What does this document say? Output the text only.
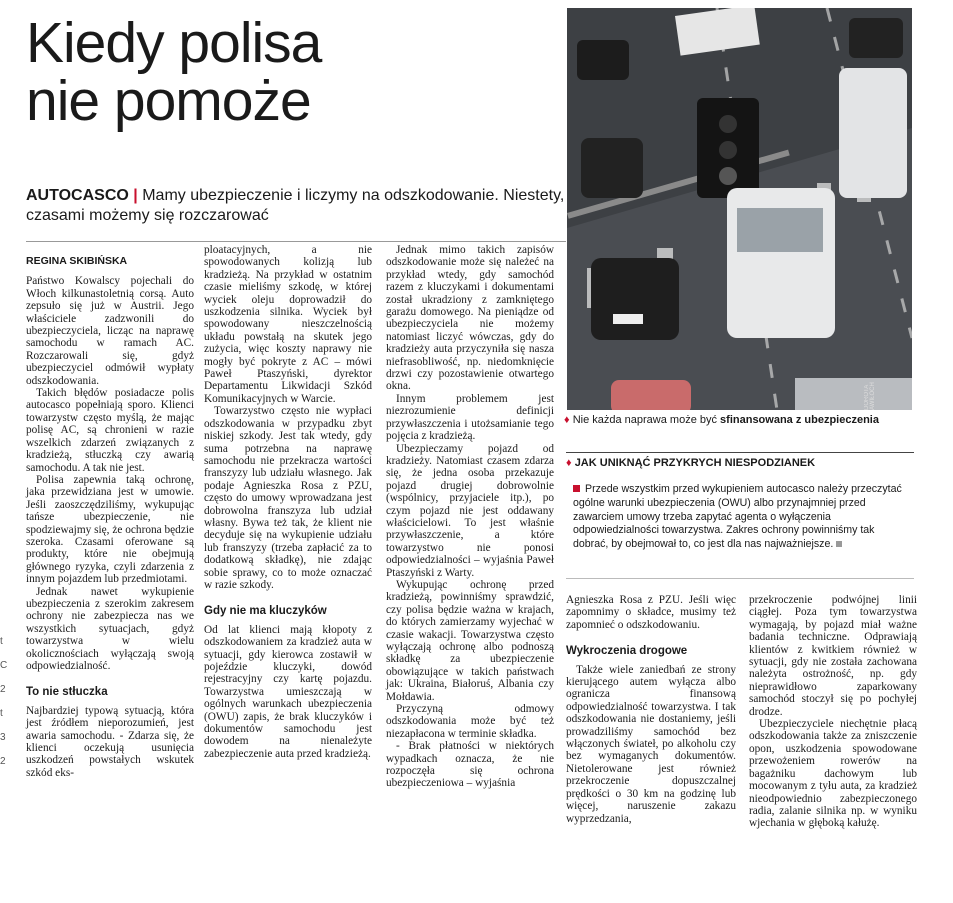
Kiedy polisa
nie pomoże
AUTOCASCO | Mamy ubezpieczenie i liczymy na odszkodowanie. Niestety, czasami możemy się rozczarować
REGINA SKIBIŃSKA

Państwo Kowalscy pojechali do Włoch kilkunastoletnią corsą. Auto zepsuło się już w Austrii. Jego właściciele zadzwonili do ubezpieczyciela, licząc na naprawę samochodu w ramach AC. Rozczarowali się, gdyż ubezpieczyciel odmówił wypłaty odszkodowania.

Takich błędów posiadacze polis autocasco popełniają sporo. Klienci towarzystw często myślą, że mając polisę AC, są chronieni w razie wszelkich zdarzeń związanych z kradzieżą, stłuczką czy awarią samochodu. A tak nie jest.

Polisa zapewnia taką ochronę, jaka przewidziana jest w umowie. Jeśli zaoszczędziliśmy, wykupując tańsze ubezpieczenie, nie spodziewajmy się, że ochrona będzie szeroka. Czasami oferowane są produkty, które nie obejmują głównego ryzyka, czyli zdarzenia z innym pojazdem lub przedmiotami.

Jednak nawet wykupienie ubezpieczenia z szerokim zakresem ochrony nie zabezpiecza nas we wszystkich sytuacjach, gdyż towarzystwa w wielu okolicznościach wyłączają swoją odpowiedzialność.

To nie stłuczka

Najbardziej typową sytuacją, która jest źródłem nieporozumień, jest awaria samochodu. - Zdarza się, że klienci oczekują usunięcia uszkodzeń powstałych wskutek szkód eks-

ploatacyjnych, a nie spowodowanych kolizją lub kradzieżą. Na przykład w ostatnim czasie mieliśmy szkodę, w której wyciek oleju doprowadził do uszkodzenia silnika. Wyciek był spowodowany nieszczelnością układu powstałą na skutek jego zużycia, więc koszty naprawy nie mogły być pokryte z AC – mówi Paweł Ptaszyński, dyrektor Departamentu Likwidacji Szkód Komunikacyjnych w Warcie.

Towarzystwo często nie wypłaci odszkodowania w przypadku zbyt niskiej szkody. Jest tak wtedy, gdy suma potrzebna na naprawę samochodu nie przekracza wartości franszyzy lub udziału własnego. Jak podaje Agnieszka Rosa z PZU, często do umowy wprowadzana jest dobrowolna franszyza lub udział własny. Bywa też tak, że klient nie decyduje się na wykupienie udziału lub franszyzy (trzeba zapłacić za to dodatkową składkę), nie zdając sobie sprawy, co to może oznaczać w razie szkody.

Gdy nie ma kluczyków

Od lat klienci mają kłopoty z odszkodowaniem za kradzież auta w sytuacji, gdy kierowca zostawił w pojeździe kluczyki, dowód rejestracyjny czy kartę pojazdu. Towarzystwa umieszczają w ogólnych warunkach ubezpieczenia (OWU) zapis, że brak kluczyków i dokumentów samochodu jest dowodem na nienależyte zabezpieczenie auta przed kradzieżą.

Jednak mimo takich zapisów odszkodowanie może się należeć na przykład wtedy, gdy samochód razem z kluczykami i dokumentami został ukradziony z zamkniętego garażu domowego. Na pieniądze od ubezpieczyciela nie możemy natomiast liczyć wówczas, gdy do kradzieży auta przyczyniła się nasza niefrasobliwość, np. niedomknięcie drzwi czy pozostawienie otwartego okna.

Innym problemem jest niezrozumienie definicji przywłaszczenia i utożsamianie tego pojęcia z kradzieżą.

Ubezpieczamy pojazd od kradzieży. Natomiast czasem zdarza się, że jedna osoba przekazuje pojazd drugiej dobrowolnie (wspólnicy, przyjaciele itp.), po czym pojazd nie jest oddawany właścicielowi. To jest właśnie przywłaszczenie, a które towarzystwo nie ponosi odpowiedzialności – wyjaśnia Paweł Ptaszyński z Warty.

Wykupując ochronę przed kradzieżą, powinniśmy sprawdzić, czy polisa będzie ważna w krajach, do których zamierzamy wyjechać w czasie wakacji. Towarzystwa często wyłączają ochronę albo podnoszą składkę za ubezpieczenie obowiązujące w takich państwach jak: Ukraina, Białoruś, Albania czy Mołdawia.

Przyczyną odmowy odszkodowania może być też niezapłacona w terminie składka.

- Brak płatności w niektórych wypadkach oznacza, że nie rozpoczęła się ochrona ubezpieczeniowa – wyjaśnia

DOROTA AWIŁOCH
♦ Nie każda naprawa może być sfinansowana z ubezpieczenia
♦ JAK UNIKNĄĆ PRZYKRYCH NIESPODZIANEK
Przede wszystkim przed wykupieniem autocasco należy przeczytać ogólne warunki ubezpieczenia (OWU) albo przynajmniej przed zawarciem umowy trzeba zapytać agenta o wyłączenia odpowiedzialności towarzystwa. Zakres ochrony powinniśmy tak dobrać, by obejmował to, co jest dla nas najważniejsze.

Agnieszka Rosa z PZU. Jeśli więc zapomnimy o składce, musimy też zapomnieć o odszkodowaniu.

Wykroczenia drogowe

Także wiele zaniedbań ze strony kierującego autem wyłącza albo ogranicza finansową odpowiedzialność towarzystwa. I tak odszkodowania nie dostaniemy, jeśli prowadziliśmy samochód bez włączonych świateł, po alkoholu czy bez wymaganych dokumentów. Nietolerowane jest również przekroczenie dopuszczalnej prędkości o 30 km na godzinę lub więcej, naruszenie zakazu wyprzedzania,

przekroczenie podwójnej linii ciągłej. Poza tym towarzystwa wymagają, by pojazd miał ważne badania techniczne. Odprawiają klientów z kwitkiem również w sytuacji, gdy nie została zachowana należyta ostrożność, np. gdy nieprawidłowo zaparkowany samochód stoczył się po pochyłej drodze.

Ubezpieczyciele niechętnie płacą odszkodowania także za zniszczenie opon, uszkodzenia spowodowane przewożeniem rowerów na bagażniku dachowym lub mocowanym z tyłu auta, za kradzież nieodpowiednio zabezpieczonego radia, zalanie silnika np. w wyniku wjechania w głęboką kałużę.

t
C
2
t
3
2
